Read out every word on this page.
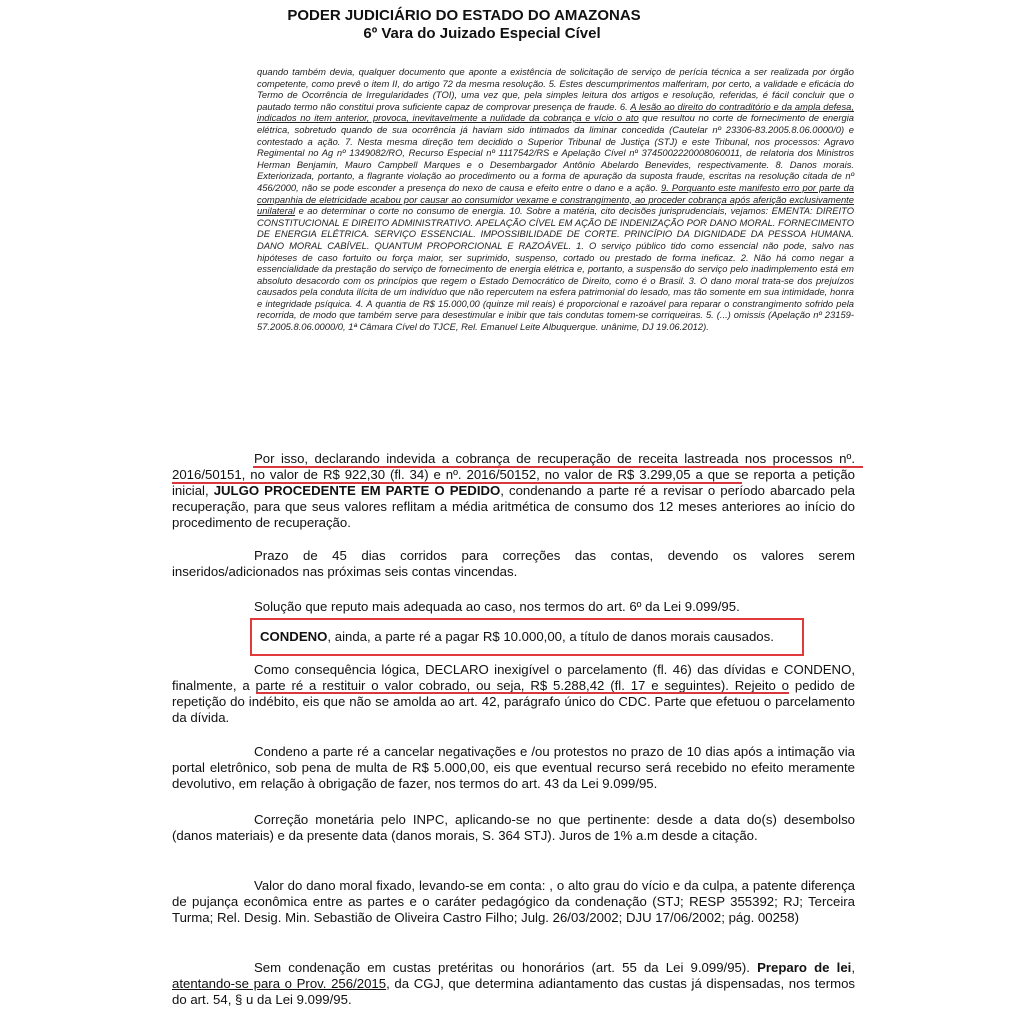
PODER JUDICIÁRIO DO ESTADO DO AMAZONAS
6º Vara do Juizado Especial Cível

quando também devia, qualquer documento que aponte a existência de solicitação de serviço de perícia técnica a ser realizada por órgão competente, como prevê o item II, do artigo 72 da mesma resolução. 5. Estes descumprimentos malferiram, por certo, a validade e eficácia do Termo de Ocorrência de Irregularidades (TOI), uma vez que, pela simples leitura dos artigos e resolução, referidas, é fácil concluir que o pautado termo não constitui prova suficiente capaz de comprovar presença de fraude. 6. A lesão ao direito do contraditório e da ampla defesa, indicados no item anterior, provoca, inevitavelmente a nulidade da cobrança e vício o ato que resultou no corte de fornecimento de energia elétrica, sobretudo quando de sua ocorrência já haviam sido intimados da liminar concedida (Cautelar nº 23306-83.2005.8.06.0000/0) e contestado a ação. 7. Nesta mesma direção tem decidido o Superior Tribunal de Justiça (STJ) e este Tribunal, nos processos: Agravo Regimental no Ag nº 1349082/RO, Recurso Especial nº 1117542/RS e Apelação Cível nº 3745002220008060011, de relatoria dos Ministros Herman Benjamin, Mauro Campbell Marques e o Desembargador Antônio Abelardo Benevides, respectivamente. 8. Danos morais. Exteriorizada, portanto, a flagrante violação ao procedimento ou a forma de apuração da suposta fraude, escritas na resolução citada de nº 456/2000, não se pode esconder a presença do nexo de causa e efeito entre o dano e a ação. 9. Porquanto este manifesto erro por parte da companhia de eletricidade acabou por causar ao consumidor vexame e constrangimento, ao proceder cobrança após aferição exclusivamente unilateral e ao determinar o corte no consumo de energia. 10. Sobre a matéria, cito decisões jurisprudenciais, vejamos: EMENTA: DIREITO CONSTITUCIONAL E DIREITO ADMINISTRATIVO. APELAÇÃO CÍVEL EM AÇÃO DE INDENIZAÇÃO POR DANO MORAL. FORNECIMENTO DE ENERGIA ELÉTRICA. SERVIÇO ESSENCIAL. IMPOSSIBILIDADE DE CORTE. PRINCÍPIO DA DIGNIDADE DA PESSOA HUMANA. DANO MORAL CABÍVEL. QUANTUM PROPORCIONAL E RAZOÁVEL. 1. O serviço público tido como essencial não pode, salvo nas hipóteses de caso fortuito ou força maior, ser suprimido, suspenso, cortado ou prestado de forma ineficaz. 2. Não há como negar a essencialidade da prestação do serviço de fornecimento de energia elétrica e, portanto, a suspensão do serviço pelo inadimplemento está em absoluto desacordo com os princípios que regem o Estado Democrático de Direito, como é o Brasil. 3. O dano moral trata-se dos prejuízos causados pela conduta ilícita de um indivíduo que não repercutem na esfera patrimonial do lesado, mas tão somente em sua intimidade, honra e integridade psíquica. 4. A quantia de R$ 15.000,00 (quinze mil reais) é proporcional e razoável para reparar o constrangimento sofrido pela recorrida, de modo que também serve para desestimular e inibir que tais condutas tomem-se corriqueiras. 5. (...) omissis (Apelação nº 23159-57.2005.8.06.0000/0, 1ª Câmara Cível do TJCE, Rel. Emanuel Leite Albuquerque. unânime, DJ 19.06.2012).

Por isso, declarando indevida a cobrança de recuperação de receita lastreada nos processos nº. 2016/50151, no valor de R$ 922,30 (fl. 34) e nº. 2016/50152, no valor de R$ 3.299,05 a que se reporta a petição inicial, JULGO PROCEDENTE EM PARTE O PEDIDO, condenando a parte ré a revisar o período abarcado pela recuperação, para que seus valores reflitam a média aritmética de consumo dos 12 meses anteriores ao início do procedimento de recuperação.

Prazo de 45 dias corridos para correções das contas, devendo os valores serem inseridos/adicionados nas próximas seis contas vincendas.

Solução que reputo mais adequada ao caso, nos termos do art. 6º da Lei 9.099/95.

CONDENO, ainda, a parte ré a pagar R$ 10.000,00, a título de danos morais causados.

Como consequência lógica, DECLARO inexigível o parcelamento (fl. 46) das dívidas e CONDENO, finalmente, a parte ré a restituir o valor cobrado, ou seja, R$ 5.288,42 (fl. 17 e seguintes). Rejeito o pedido de repetição do indébito, eis que não se amolda ao art. 42, parágrafo único do CDC. Parte que efetuou o parcelamento da dívida.

Condeno a parte ré a cancelar negativações e /ou protestos no prazo de 10 dias após a intimação via portal eletrônico, sob pena de multa de R$ 5.000,00, eis que eventual recurso será recebido no efeito meramente devolutivo, em relação à obrigação de fazer, nos termos do art. 43 da Lei 9.099/95.

Correção monetária pelo INPC, aplicando-se no que pertinente: desde a data do(s) desembolso (danos materiais) e da presente data (danos morais, S. 364 STJ). Juros de 1% a.m desde a citação.

Valor do dano moral fixado, levando-se em conta: , o alto grau do vício e da culpa, a patente diferença de pujança econômica entre as partes e o caráter pedagógico da condenação (STJ; RESP 355392; RJ; Terceira Turma; Rel. Desig. Min. Sebastião de Oliveira Castro Filho; Julg. 26/03/2002; DJU 17/06/2002; pág. 00258)

Sem condenação em custas pretéritas ou honorários (art. 55 da Lei 9.099/95). Preparo de lei, atentando-se para o Prov. 256/2015, da CGJ, que determina adiantamento das custas já dispensadas, nos termos do art. 54, § u da Lei 9.099/95.
